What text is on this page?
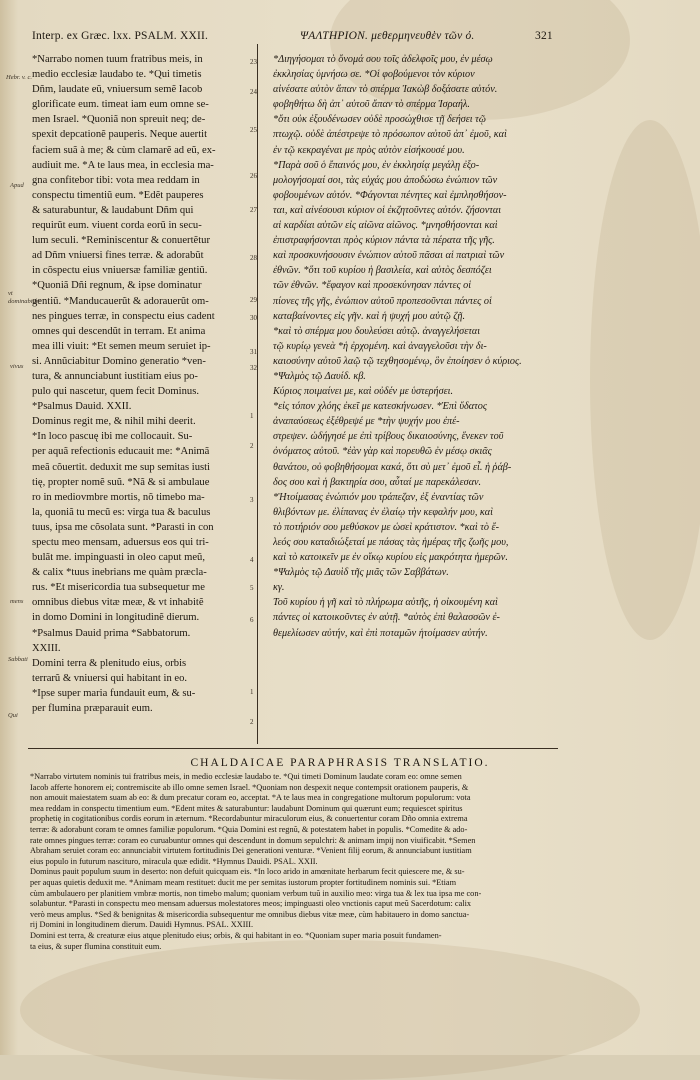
Interp. ex Græc. lxx. PSALM. XXII.	ΨΑΛΤΗΡΙΟΝ. μεθερμηνευθὲν τῶν ό.	321
*Narrabo nomen tuum fratribus meis, in
medio ecclesiæ laudabo te. *Qui timetis
Dñm, laudate eũ, vniuersum semẽ Iacob
glorificate eum. timeat iam eum omne se-
men Israel. *Quoniã non spreuit neq; de-
spexit depcationẽ pauperis. Neque auertit
faciem suã à me; & cùm clamarẽ ad eũ, ex-
audiuit me. *A te laus mea, in ecclesia ma-
gna confitebor tibi: vota mea reddam in
conspectu timentiũ eum. *Edẽt pauperes
& saturabuntur, & laudabunt Dñm qui
requirũt eum. viuent corda eorũ in secu-
lum seculi. *Reminiscentur & conuertẽtur
ad Dñm vniuersi fines terræ. & adorabũt
in cõspectu eius vniuersæ familiæ gentiũ.
*Quoniã Dñi regnum, & ipse dominatur
gentiũ. *Manducauerũt & adorauerũt om-
nes pingues terræ, in conspectu eius cadent
omnes qui descendũt in terram. Et anima
mea illi viuit: *Et semen meum seruiet ip-
si. Annũciabitur Domino generatio *ven-
tura, & annunciabunt iustitiam eius po-
pulo qui nascetur, quem fecit Dominus.
*Psalmus Dauid. XXII.
Dominus regit me, & nihil mihi deerit.
*In loco pascuę ibi me collocauit. Su-
per aquã refectionis educauit me: *Animã
meã cõuertit. deduxit me sup semitas iusti
tię, propter nomẽ suũ. *Nã & si ambulaue
ro in mediovmbre mortis, nõ timebo ma-
la, quoniã tu mecũ es: virga tua & baculus
tuus, ipsa me cõsolata sunt. *Parasti in con
spectu meo mensam, aduersus eos qui tri-
bulãt me. impinguasti in oleo caput meũ,
& calix *tuus inebrians me quàm præcla-
rus. *Et misericordia tua subsequetur me
omnibus diebus vitæ meæ, & vt inhabitẽ
in domo Domini in longitudinẽ dierum.
*Psalmus Dauid prima *Sabbatorum.
XXIII.
Domini terra & plenitudo eius, orbis
terrarũ & vniuersi qui habitant in eo.
*Ipse super maria fundauit eum, & su-
per flumina præparauit eum.
*Διηγήσομαι τὸ ὄνομά σου τοῖς ἀδελφοῖς μου, ἐν μέσῳ
ἐκκλησίας ὑμνήσω σε. *Οἱ φοβούμενοι τὸν κύριον
αἰνέσατε αὐτὸν ἅπαν τὸ σπέρμα Ἰακὼβ δοξάσατε αὐτόν.
φοβηθήτω δὴ ἀπ᾽ αὐτοῦ ἅπαν τὸ σπέρμα Ἰσραήλ.
*ὅτι οὐκ ἐξουδένωσεν οὐδὲ προσώχθισε τῇ δεήσει τῷ
πτωχῷ. οὐδὲ ἀπέστρεψε τὸ πρόσωπον αὐτοῦ ἀπ᾽ ἐμοῦ, καὶ
ἐν τῷ κεκραγέναι με πρὸς αὐτὸν εἰσήκουσέ μου.
*Παρὰ σοῦ ὁ ἔπαινός μου, ἐν ἐκκλησίᾳ μεγάλῃ ἐξο-
μολογήσομαί σοι, τὰς εὐχάς μου ἀποδώσω ἐνώπιον τῶν
φοβουμένων αὐτόν. *Φάγονται πένητες καὶ ἐμπλησθήσον-
ται, καὶ αἰνέσουσι κύριον οἱ ἐκζητοῦντες αὐτόν. ζήσονται
αἱ καρδίαι αὐτῶν εἰς αἰῶνα αἰῶνος. *μνησθήσονται καὶ
ἐπιστραφήσονται πρὸς κύριον πάντα τὰ πέρατα τῆς γῆς.
καὶ προσκυνήσουσιν ἐνώπιον αὐτοῦ πᾶσαι αἱ πατριαὶ τῶν
ἐθνῶν. *ὅτι τοῦ κυρίου ἡ βασιλεία, καὶ αὐτὸς δεσπόζει
τῶν ἐθνῶν. *ἔφαγον καὶ προσεκύνησαν πάντες οἱ
πίονες τῆς γῆς, ἐνώπιον αὐτοῦ προπεσοῦνται πάντες οἱ
καταβαίνοντες εἰς γῆν. καὶ ἡ ψυχή μου αὐτῷ ζῇ.
*καὶ τὸ σπέρμα μου δουλεύσει αὐτῷ. ἀναγγελήσεται
τῷ κυρίῳ γενεὰ *ἡ ἐρχομένη. καὶ ἀναγγελοῦσι τὴν δι-
καιοσύνην αὐτοῦ λαῷ τῷ τεχθησομένῳ, ὃν ἐποίησεν ὁ κύριος.
*Ψαλμὸς τῷ Δαυίδ. κβ.
Κύριος ποιμαίνει με, καὶ οὐδέν με ὑστερήσει.
*εἰς τόπον χλόης ἐκεῖ με κατεσκήνωσεν. *Ἐπὶ ὕδατος
ἀναπαύσεως ἐξέθρεψέ με *τὴν ψυχήν μου ἐπέ-
στρεψεν. ὡδήγησέ με ἐπὶ τρίβους δικαιοσύνης, ἕνεκεν τοῦ
ὀνόματος αὐτοῦ. *ἐὰν γὰρ καὶ πορευθῶ ἐν μέσῳ σκιᾶς
θανάτου, οὐ φοβηθήσομαι κακά, ὅτι σὺ μετ᾽ ἐμοῦ εἶ. ἡ ῥάβ-
δος σου καὶ ἡ βακτηρία σου, αὗταί με παρεκάλεσαν.
*Ἡτοίμασας ἐνώπιόν μου τράπεζαν, ἐξ ἐναντίας τῶν
θλιβόντων με. ἐλίπανας ἐν ἐλαίῳ τὴν κεφαλήν μου, καὶ
τὸ ποτήριόν σου μεθύσκον με ὡσεὶ κράτιστον. *καὶ τὸ ἔ-
λεός σου καταδιώξεταί με πάσας τὰς ἡμέρας τῆς ζωῆς μου,
καὶ τὸ κατοικεῖν με ἐν οἴκῳ κυρίου εἰς μακρότητα ἡμερῶν.
*Ψαλμὸς τῷ Δαυὶδ τῆς μιᾶς τῶν Σαββάτων.
κγ.
Τοῦ κυρίου ἡ γῆ καὶ τὸ πλήρωμα αὐτῆς, ἡ οἰκουμένη καὶ
πάντες οἱ κατοικοῦντες ἐν αὐτῇ. *αὐτὸς ἐπὶ θαλασσῶν ἐ-
θεμελίωσεν αὐτήν, καὶ ἐπὶ ποταμῶν ἡτοίμασεν αὐτήν.
Hebr. v. c.
Apud
vt dominabitur
vivus
mens
Sabbati
Qui
23
24
25
26
27
28
29
30
31
32
1
2
3
4
5
6
1
2
CHALDAICAE PARAPHRASIS TRANSLATIO.
*Narrabo virtutem nominis tui fratribus meis, in medio ecclesiæ laudabo te. *Qui timeti Dominum laudate coram eo: omne semen
Iacob afferte honorem ei; contremiscite ab illo omne semen Israel. *Quoniam non despexit neque contempsit orationem pauperis, &
non amouit maiestatem suam ab eo: & dum precatur coram eo, acceptat. *A te laus mea in congregatione multorum populorum: vota
mea reddam in conspectu timentium eum. *Edent mites & saturabuntur: laudabunt Dominum qui quærunt eum; requiescet spiritus
prophetię in cogitationibus cordis eorum in æternum. *Recordabuntur miraculorum eius, & conuertentur coram Dño omnia extrema
terræ: & adorabunt coram te omnes familiæ populorum. *Quia Domini est regnũ, & potestatem habet in populis. *Comedite & ado-
rate omnes pingues terræ: coram eo curuabuntur omnes qui descendunt in domum sepulchri: & animam impij non viuificabit. *Semen
Abraham seruiet coram eo: annunciabit virtutem fortitudinis Dei generationi venturæ. *Venient filij eorum, & annunciabunt iustitiam
eius populo in futurum nasciturο, miracula quæ edidit. *Hymnus Dauidi. PSAL. XXII.
Dominus pauit populum suum in deserto: non defuit quicquam eis. *In loco arido in amœnitate herbarum fecit quiescere me, & su-
per aquas quietis deduxit me. *Animam meam restituet: ducit me per semitas iustorum propter fortitudinem nominis sui. *Etiam
cùm ambulauero per planitiem vmbræ mortis, non timebo malum; quoniam verbum tuũ in auxilio meo: virga tua & lex tua ipsa me con-
solabuntur. *Parasti in conspectu meo mensam aduersus molestatores meos; impinguasti oleo vnctionis caput meũ Sacerdotum: calix
verò meus amplus. *Sed & benignitas & misericordia subsequentur me omnibus diebus vitæ meæ, cùm habitauero in domo sanctua-
rij Domini in longitudinem dierum. Dauidi Hymnus. PSAL. XXIII.
Domini est terra, & creaturæ eius atque plenitudo eius; orbis, & qui habitant in eo. *Quoniam super maria posuit fundamen-
ta eius, & super flumina constituit eum.
